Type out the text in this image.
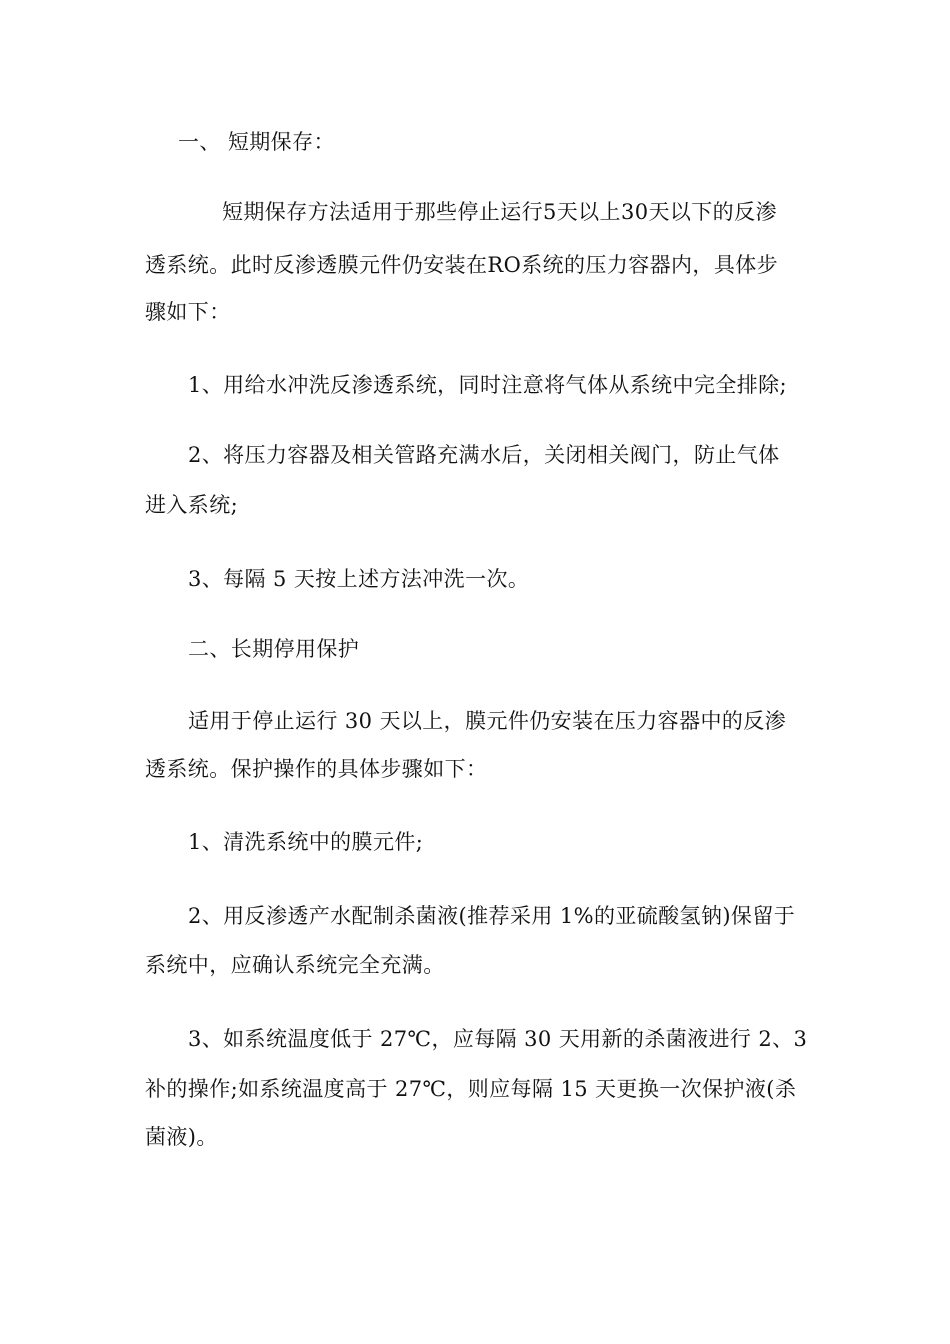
一、 短期保存：
短期保存方法适用于那些停止运行5天以上30天以下的反渗
透系统。此时反渗透膜元件仍安装在RO系统的压力容器内，具体步
骤如下：
1、用给水冲洗反渗透系统，同时注意将气体从系统中完全排除;
2、将压力容器及相关管路充满水后，关闭相关阀门，防止气体
进入系统;
3、每隔 5 天按上述方法冲洗一次。
二、长期停用保护
适用于停止运行 30 天以上，膜元件仍安装在压力容器中的反渗
透系统。保护操作的具体步骤如下：
1、清洗系统中的膜元件;
2、用反渗透产水配制杀菌液(推荐采用 1%的亚硫酸氢钠)保留于
系统中，应确认系统完全充满。
3、如系统温度低于 27℃，应每隔 30 天用新的杀菌液进行 2、3
补的操作;如系统温度高于 27℃，则应每隔 15 天更换一次保护液(杀
菌液)。
